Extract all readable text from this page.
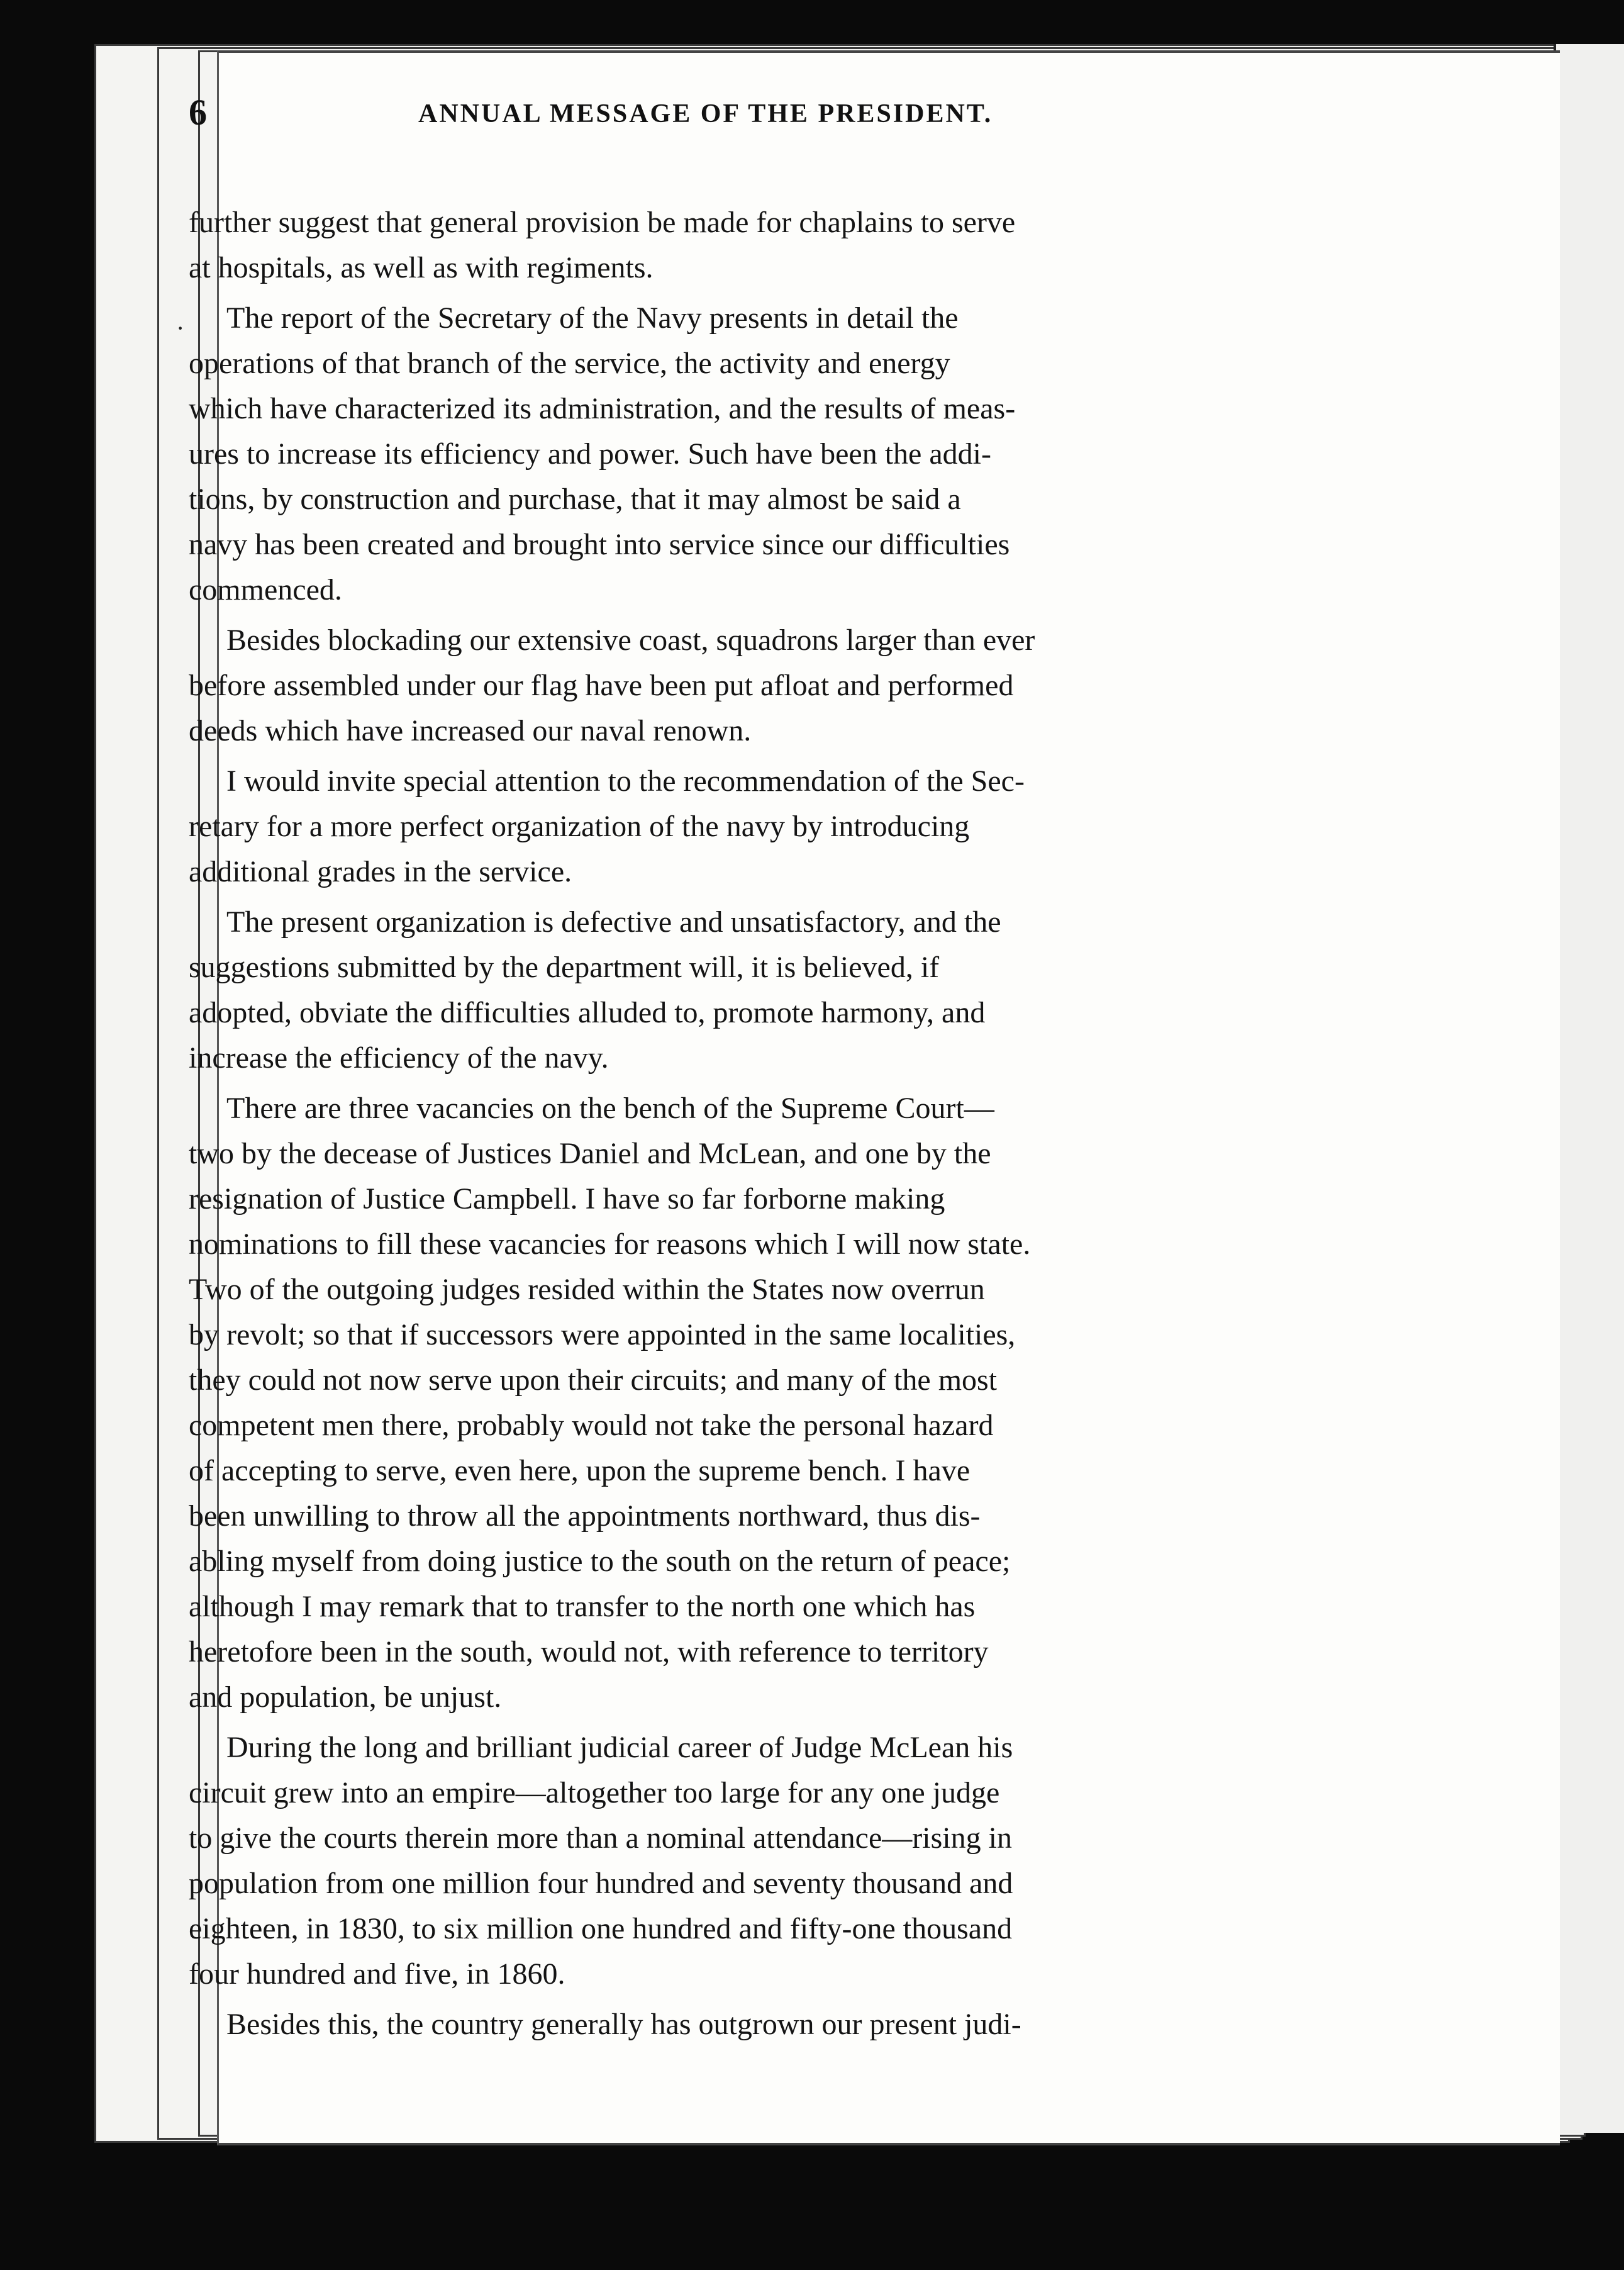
6	ANNUAL MESSAGE OF THE PRESIDENT.
·
further suggest that general provision be made for chaplains to serve
at hospitals, as well as with regiments.
The report of the Secretary of the Navy presents in detail the
operations of that branch of the service, the activity and energy
which have characterized its administration, and the results of meas-
ures to increase its efficiency and power. Such have been the addi-
tions, by construction and purchase, that it may almost be said a
navy has been created and brought into service since our difficulties
commenced.
Besides blockading our extensive coast, squadrons larger than ever
before assembled under our flag have been put afloat and performed
deeds which have increased our naval renown.
I would invite special attention to the recommendation of the Sec-
retary for a more perfect organization of the navy by introducing
additional grades in the service.
The present organization is defective and unsatisfactory, and the
suggestions submitted by the department will, it is believed, if
adopted, obviate the difficulties alluded to, promote harmony, and
increase the efficiency of the navy.
There are three vacancies on the bench of the Supreme Court—
two by the decease of Justices Daniel and McLean, and one by the
resignation of Justice Campbell. I have so far forborne making
nominations to fill these vacancies for reasons which I will now state.
Two of the outgoing judges resided within the States now overrun
by revolt; so that if successors were appointed in the same localities,
they could not now serve upon their circuits; and many of the most
competent men there, probably would not take the personal hazard
of accepting to serve, even here, upon the supreme bench. I have
been unwilling to throw all the appointments northward, thus dis-
abling myself from doing justice to the south on the return of peace;
although I may remark that to transfer to the north one which has
heretofore been in the south, would not, with reference to territory
and population, be unjust.
During the long and brilliant judicial career of Judge McLean his
circuit grew into an empire—altogether too large for any one judge
to give the courts therein more than a nominal attendance—rising in
population from one million four hundred and seventy thousand and
eighteen, in 1830, to six million one hundred and fifty-one thousand
four hundred and five, in 1860.
Besides this, the country generally has outgrown our present judi-
